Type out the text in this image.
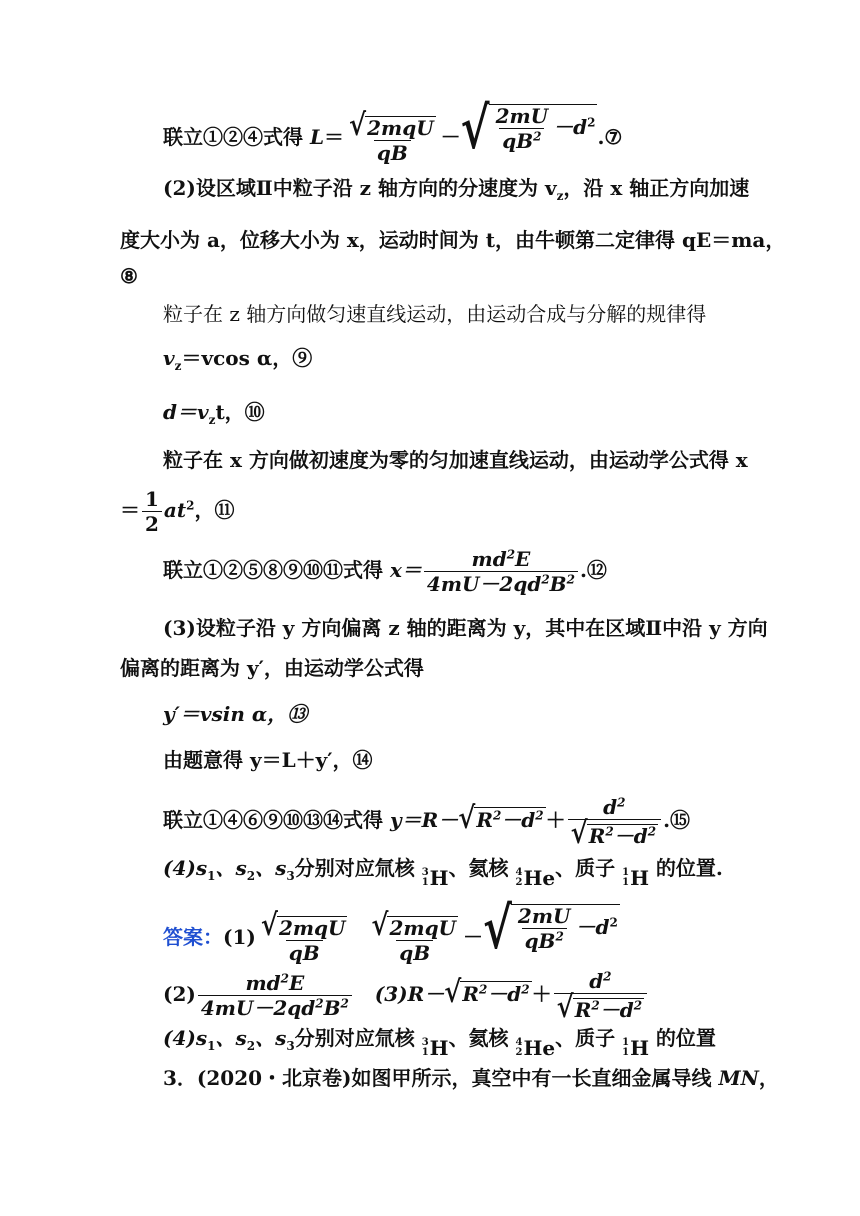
联立①②④式得 $L= \frac{\text{√ 2mqU}}{qB}$ － √ $\frac{2mU}{qB^2} -d^2$
.⑦
(2)设区域Ⅱ中粒子沿 z 轴方向的分速度为 $v_z$，沿 x 轴正方向加速
度大小为 a，位移大小为 x，运动时间为 t，由牛顿第二定律得 qE＝ma，
⑧
粒子在 z 轴方向做匀速直线运动，由运动合成与分解的规律得
$v_z=vcos$ α，⑨
$d=v_zt$，⑩
粒子在 x 方向做初速度为零的匀加速直线运动，由运动学公式得 x
＝ $\frac{1}{2} at^2$，⑪
联立①②⑤⑧⑨⑩⑪式得 $x= \frac{md^2E}{4mU-2qd^2B^2}$ .⑫
(3)设粒子沿 y 方向偏离 z 轴的距离为 y，其中在区域Ⅱ中沿 y 方向
偏离的距离为 y′，由运动学公式得
y′＝vsin α，⑬
由题意得 y＝L＋y′，⑭
联立①④⑥⑨⑩⑬⑭式得 y＝R－ √ $R^2-d^2 + \frac{d^2}{√ R^2-d^2}$ .⑮
$(4)s_1$、$s_2$、$s_3$分别对应氚核 3
1 H 、氦核 4
2 He 、质子 1
1 H 的位置.
答案：$(1) \frac{\text{√ 2mqU}}{qB}$
$\frac{\text{√ 2mqU}}{qB}$ － √ $\frac{2mU}{qB^2} -d^2$
$(2) \frac{md^2E}{4mU-2qd^2B^2} (3)R-$ √ $R^2-d^2 + \frac{d^2}{√ R^2-d^2}$
$(4)s_1$、$s_2$、$s_3$分别对应氚核 3
1 H 、氦核 4
2 He 、质子 1
1 H 的位置
3．(2020・北京卷)如图甲所示，真空中有一长直细金属导线 MN，
